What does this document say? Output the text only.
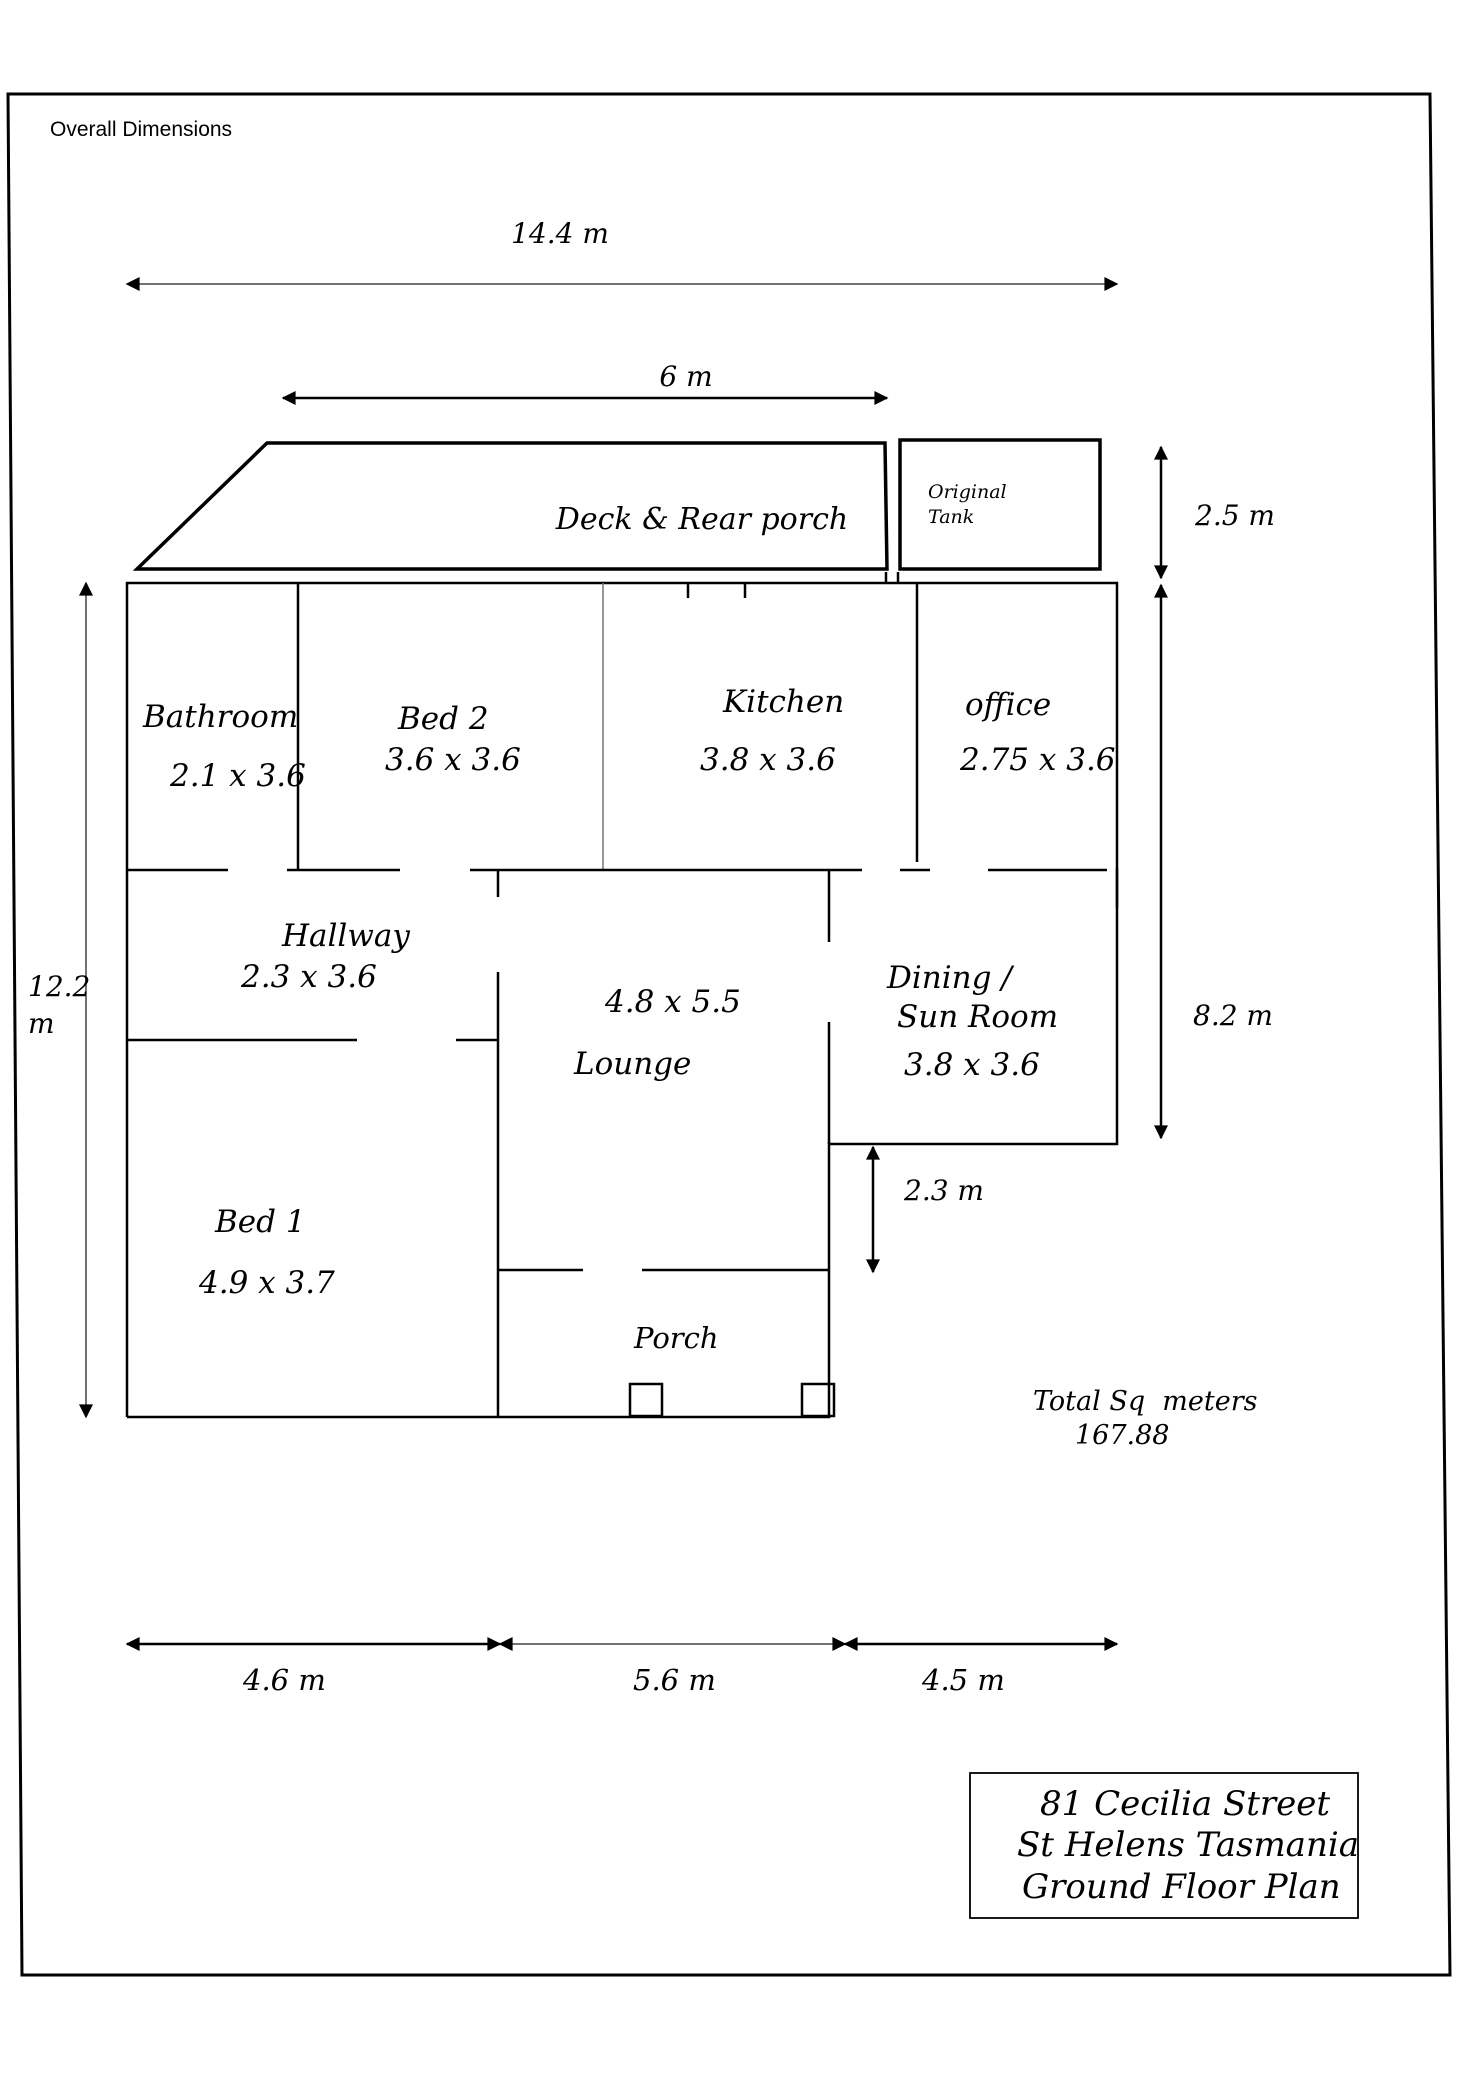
Overall Dimensions
14.4 m
6 m
Deck & Rear porch
Original
Tank	2.5 m
8.2 m
12.2
m
2.3 m
Bathroom
2.1 x 3.6
Bed 2
3.6 x 3.6
Kitchen
3.8 x 3.6
office
2.75 x 3.6
Hallway
2.3 x 3.6
4.8 x 5.5
Lounge
Dining /
Sun Room
3.8 x 3.6
Bed 1
4.9 x 3.7
Porch
Total Sq  meters
167.88
4.6 m	5.6 m	4.5 m
81 Cecilia Street
St Helens Tasmania
Ground Floor Plan
